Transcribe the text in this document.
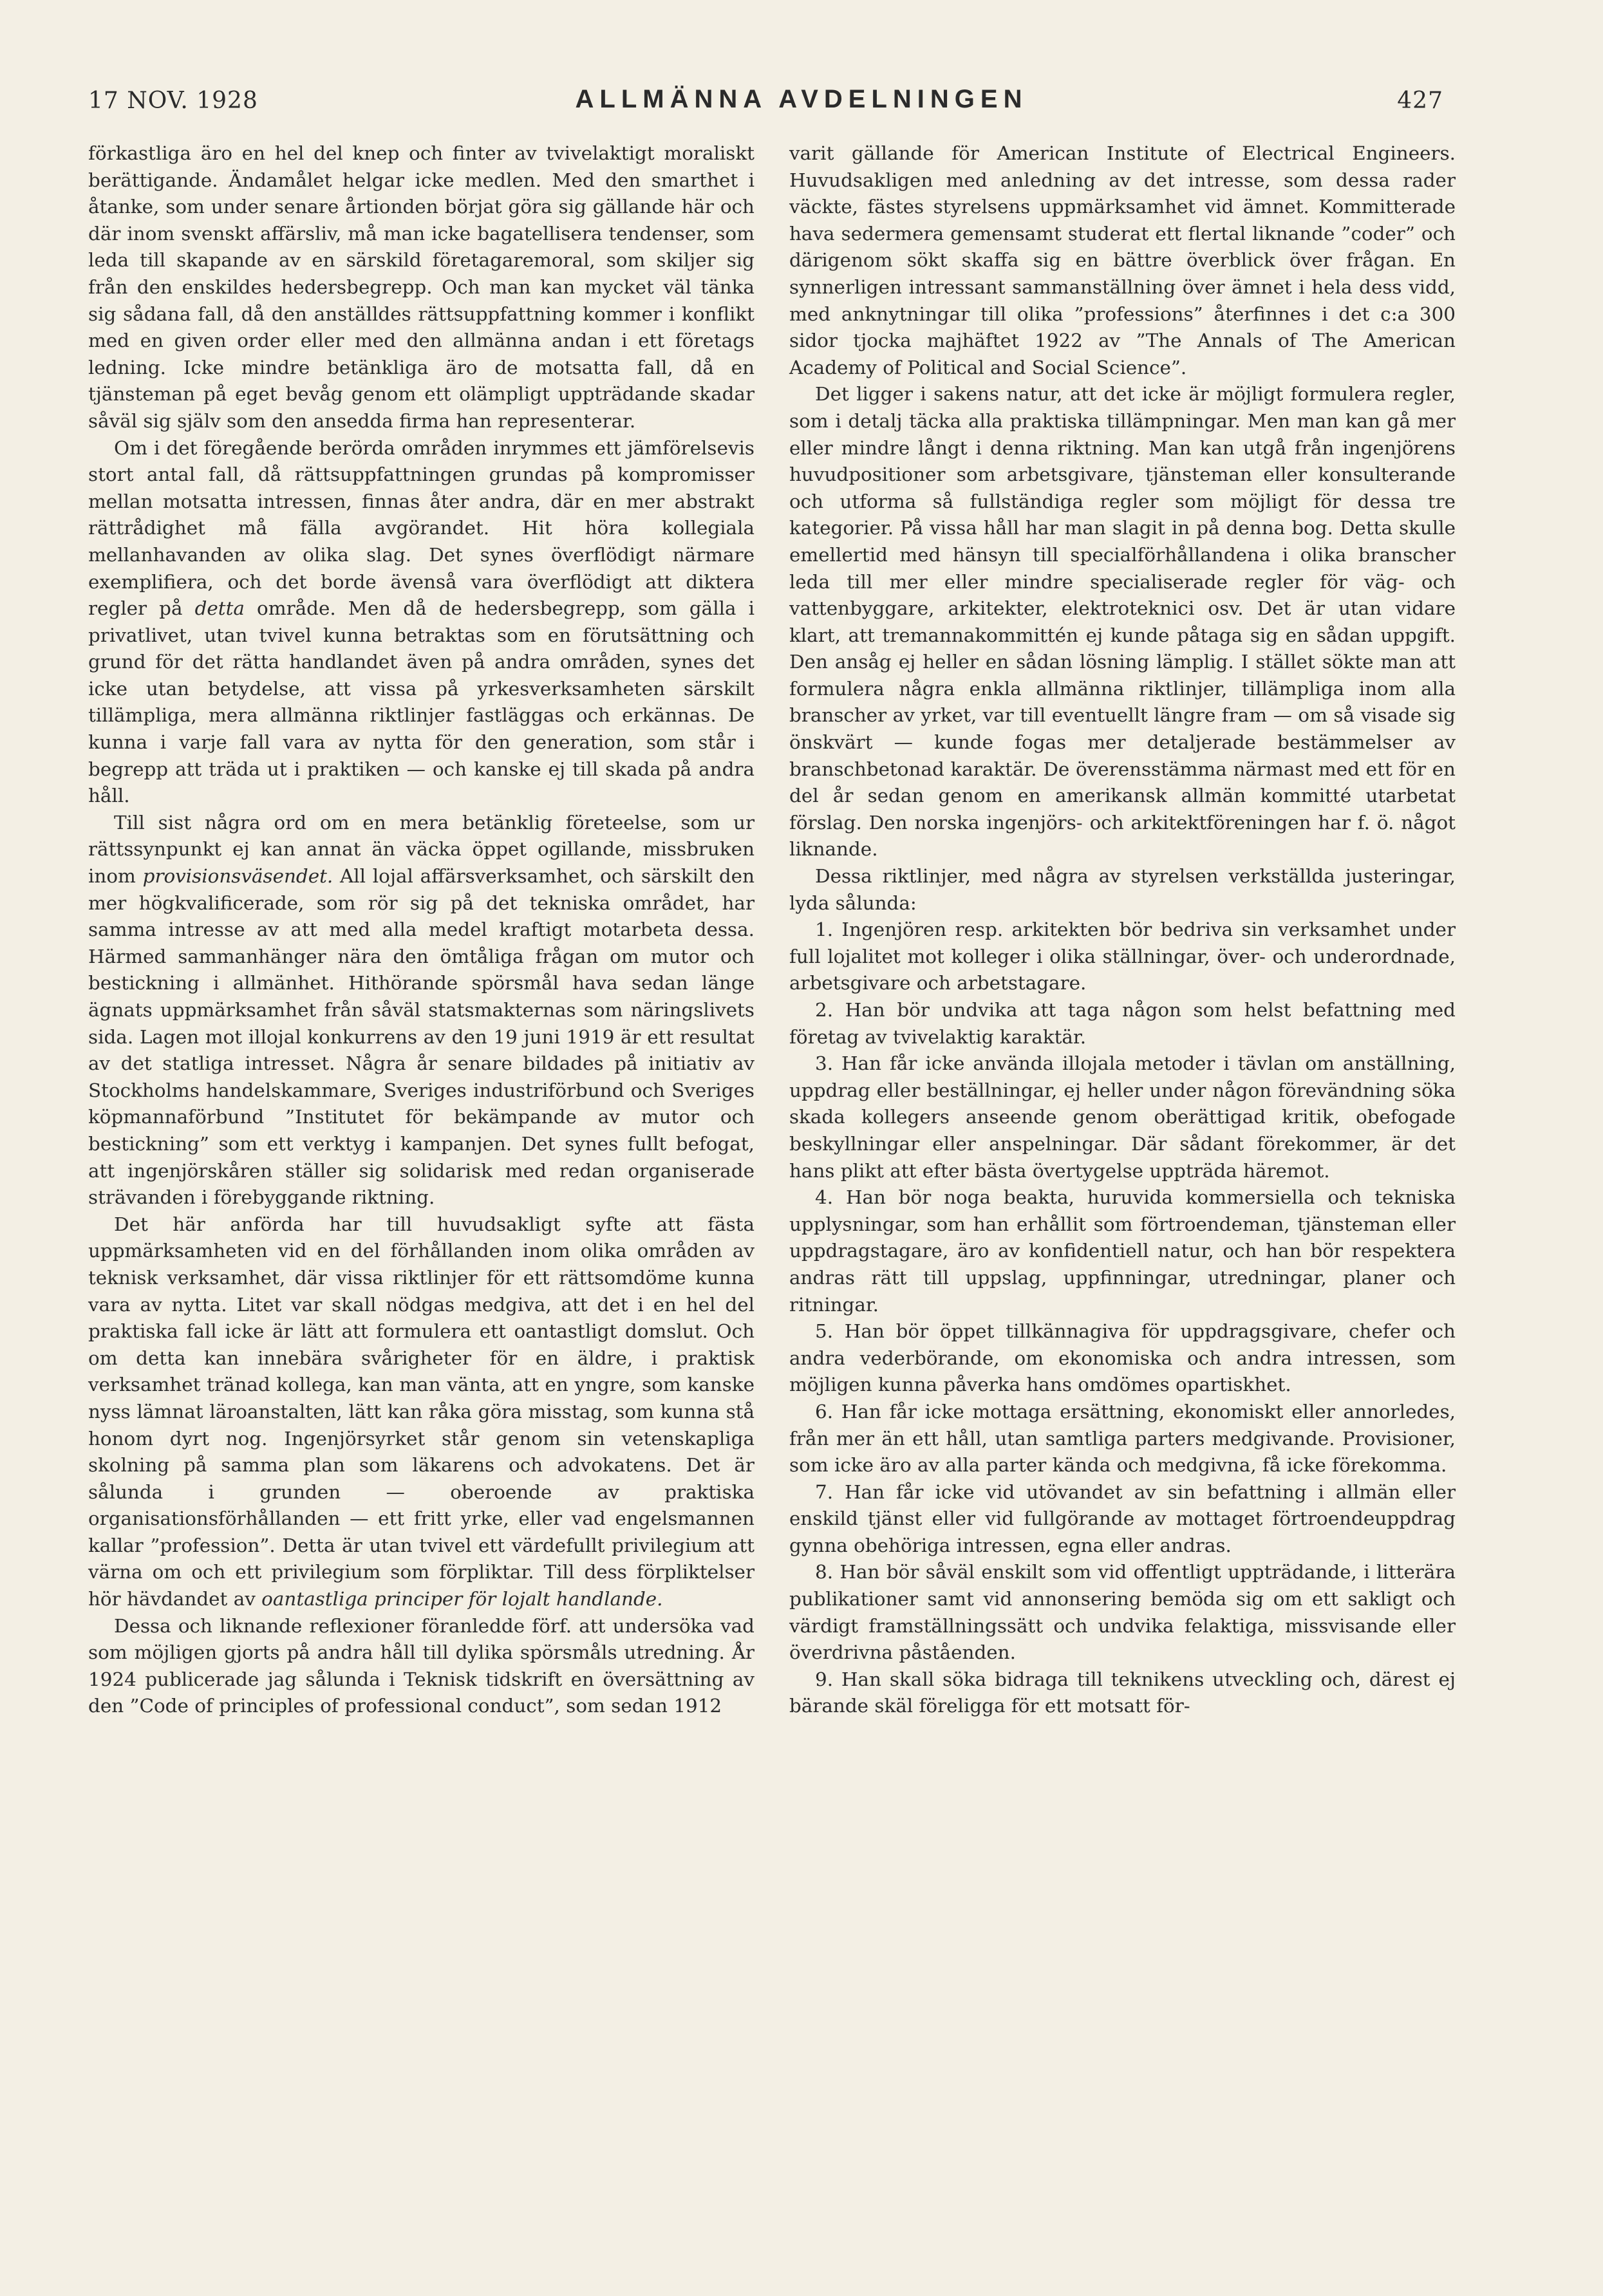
17 NOV. 1928	ALLMÄNNA AVDELNINGEN	427

förkastliga äro en hel del knep och finter av tvivelaktigt moraliskt berättigande. Ändamålet helgar icke medlen. Med den smarthet i åtanke, som under senare årtionden börjat göra sig gällande här och där inom svenskt affärsliv, må man icke bagatellisera tendenser, som leda till skapande av en särskild företagaremoral, som skiljer sig från den enskildes hedersbegrepp. Och man kan mycket väl tänka sig sådana fall, då den anställdes rättsuppfattning kommer i konflikt med en given order eller med den allmänna andan i ett företags ledning. Icke mindre betänkliga äro de motsatta fall, då en tjänsteman på eget bevåg genom ett olämpligt uppträdande skadar såväl sig själv som den ansedda firma han representerar.

Om i det föregående berörda områden inrymmes ett jämförelsevis stort antal fall, då rättsuppfattningen grundas på kompromisser mellan motsatta intressen, finnas åter andra, där en mer abstrakt rättrådighet må fälla avgörandet. Hit höra kollegiala mellanhavanden av olika slag. Det synes överflödigt närmare exemplifiera, och det borde ävenså vara överflödigt att diktera regler på detta område. Men då de hedersbegrepp, som gälla i privatlivet, utan tvivel kunna betraktas som en förutsättning och grund för det rätta handlandet även på andra områden, synes det icke utan betydelse, att vissa på yrkesverksamheten särskilt tillämpliga, mera allmänna riktlinjer fastläggas och erkännas. De kunna i varje fall vara av nytta för den generation, som står i begrepp att träda ut i praktiken — och kanske ej till skada på andra håll.

Till sist några ord om en mera betänklig företeelse, som ur rättssynpunkt ej kan annat än väcka öppet ogillande, missbruken inom provisionsväsendet. All lojal affärsverksamhet, och särskilt den mer högkvalificerade, som rör sig på det tekniska området, har samma intresse av att med alla medel kraftigt motarbeta dessa. Härmed sammanhänger nära den ömtåliga frågan om mutor och bestickning i allmänhet. Hithörande spörsmål hava sedan länge ägnats uppmärksamhet från såväl statsmakternas som näringslivets sida. Lagen mot illojal konkurrens av den 19 juni 1919 är ett resultat av det statliga intresset. Några år senare bildades på initiativ av Stockholms handelskammare, Sveriges industriförbund och Sveriges köpmannaförbund ”Institutet för bekämpande av mutor och bestickning” som ett verktyg i kampanjen. Det synes fullt befogat, att ingenjörskåren ställer sig solidarisk med redan organiserade strävanden i förebyggande riktning.

Det här anförda har till huvudsakligt syfte att fästa uppmärksamheten vid en del förhållanden inom olika områden av teknisk verksamhet, där vissa riktlinjer för ett rättsomdöme kunna vara av nytta. Litet var skall nödgas medgiva, att det i en hel del praktiska fall icke är lätt att formulera ett oantastligt domslut. Och om detta kan innebära svårigheter för en äldre, i praktisk verksamhet tränad kollega, kan man vänta, att en yngre, som kanske nyss lämnat läroanstalten, lätt kan råka göra misstag, som kunna stå honom dyrt nog. Ingenjörsyrket står genom sin vetenskapliga skolning på samma plan som läkarens och advokatens. Det är sålunda i grunden — oberoende av praktiska organisationsförhållanden — ett fritt yrke, eller vad engelsmannen kallar ”profession”. Detta är utan tvivel ett värdefullt privilegium att värna om och ett privilegium som förpliktar. Till dess förpliktelser hör hävdandet av oantastliga principer för lojalt handlande.

Dessa och liknande reflexioner föranledde förf. att undersöka vad som möjligen gjorts på andra håll till dylika spörsmåls utredning. År 1924 publicerade jag sålunda i Teknisk tidskrift en översättning av den ”Code of principles of professional conduct”, som sedan 1912

varit gällande för American Institute of Electrical Engineers. Huvudsakligen med anledning av det intresse, som dessa rader väckte, fästes styrelsens uppmärksamhet vid ämnet. Kommitterade hava sedermera gemensamt studerat ett flertal liknande ”coder” och därigenom sökt skaffa sig en bättre överblick över frågan. En synnerligen intressant sammanställning över ämnet i hela dess vidd, med anknytningar till olika ”professions” återfinnes i det c:a 300 sidor tjocka majhäftet 1922 av ”The Annals of The American Academy of Political and Social Science”.

Det ligger i sakens natur, att det icke är möjligt formulera regler, som i detalj täcka alla praktiska tillämpningar. Men man kan gå mer eller mindre långt i denna riktning. Man kan utgå från ingenjörens huvudpositioner som arbetsgivare, tjänsteman eller konsulterande och utforma så fullständiga regler som möjligt för dessa tre kategorier. På vissa håll har man slagit in på denna bog. Detta skulle emellertid med hänsyn till specialförhållandena i olika branscher leda till mer eller mindre specialiserade regler för väg- och vattenbyggare, arkitekter, elektroteknici osv. Det är utan vidare klart, att tremannakommittén ej kunde påtaga sig en sådan uppgift. Den ansåg ej heller en sådan lösning lämplig. I stället sökte man att formulera några enkla allmänna riktlinjer, tillämpliga inom alla branscher av yrket, var till eventuellt längre fram — om så visade sig önskvärt — kunde fogas mer detaljerade bestämmelser av branschbetonad karaktär. De överensstämma närmast med ett för en del år sedan genom en amerikansk allmän kommitté utarbetat förslag. Den norska ingenjörs- och arkitektföreningen har f. ö. något liknande.

Dessa riktlinjer, med några av styrelsen verkställda justeringar, lyda sålunda:

1. Ingenjören resp. arkitekten bör bedriva sin verksamhet under full lojalitet mot kolleger i olika ställningar, över- och underordnade, arbetsgivare och arbetstagare.

2. Han bör undvika att taga någon som helst befattning med företag av tvivelaktig karaktär.

3. Han får icke använda illojala metoder i tävlan om anställning, uppdrag eller beställningar, ej heller under någon förevändning söka skada kollegers anseende genom oberättigad kritik, obefogade beskyllningar eller anspelningar. Där sådant förekommer, är det hans plikt att efter bästa övertygelse uppträda häremot.

4. Han bör noga beakta, huruvida kommersiella och tekniska upplysningar, som han erhållit som förtroendeman, tjänsteman eller uppdragstagare, äro av konfidentiell natur, och han bör respektera andras rätt till uppslag, uppfinningar, utredningar, planer och ritningar.

5. Han bör öppet tillkännagiva för uppdragsgivare, chefer och andra vederbörande, om ekonomiska och andra intressen, som möjligen kunna påverka hans omdömes opartiskhet.

6. Han får icke mottaga ersättning, ekonomiskt eller annorledes, från mer än ett håll, utan samtliga parters medgivande. Provisioner, som icke äro av alla parter kända och medgivna, få icke förekomma.

7. Han får icke vid utövandet av sin befattning i allmän eller enskild tjänst eller vid fullgörande av mottaget förtroendeuppdrag gynna obehöriga intressen, egna eller andras.

8. Han bör såväl enskilt som vid offentligt uppträdande, i litterära publikationer samt vid annonsering bemöda sig om ett sakligt och värdigt framställningssätt och undvika felaktiga, missvisande eller överdrivna påståenden.

9. Han skall söka bidraga till teknikens utveckling och, därest ej bärande skäl föreligga för ett motsatt för-
